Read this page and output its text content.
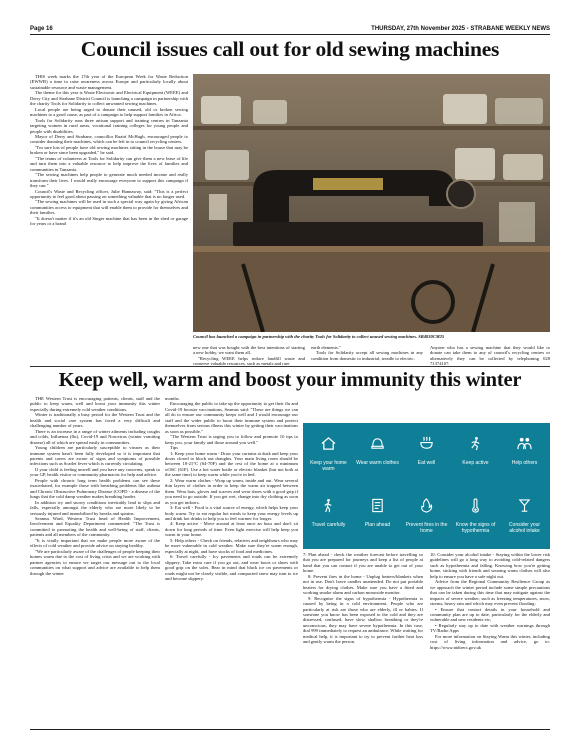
Page 16	THURSDAY, 27th November 2025 - STRABANE WEEKLY NEWS
Council issues call out for old sewing machines

THIS week marks the 17th year of the European Week for Waste Reduction (EWWR) a time to raise awareness across Europe and particularly locally about sustainable resource and waste management.

The theme for this year is Waste Electronic and Electrical Equipment (WEEE) and Derry City and Strabane District Council is launching a campaign in partnership with the charity Tools for Solidarity to collect unwanted sewing machines.

Local people are being urged to donate their unused, old or broken sewing machines to a good cause, as part of a campaign to help support families in Africa.

Tools for Solidarity runs three artisan support and training centres in Tanzania targeting women in rural areas, vocational training colleges for young people and people with disabilities.

Mayor of Derry and Strabane, councillor Ruairí McHugh, encouraged people to consider donating their machines, which can be left in to council recycling centres.

"I'm sure lots of people have old sewing machines sitting in the house that may be broken or have since been upgraded," he said.

"The teams of volunteers at Tools for Solidarity can give them a new lease of life and turn them into a valuable resource to help improve the lives of families and communities in Tanzania.

"The sewing machines help people to generate much needed income and really transform their lives. I would really encourage everyone to support this campaign if they can."

Council's Waste and Recycling officer, Julie Hannaway, said: "This is a perfect opportunity to feel good about passing on something valuable that is no longer used.

"The sewing machines will be used in such a special way again by giving African communities access to equipment that will enable them to provide for themselves and their families.

"It doesn't matter if it's an old Singer machine that has been in the shed or garage for years or a brand

Council has launched a campaign in partnership with the charity Tools for Solidarity to collect unused sewing machines. SR4830CM25

new one that was bought with the best intentions of starting a new hobby, we want them all.

"Recycling WEEE helps reduce landfill waste and conserve valuable resources, such as metals and rare

earth elements."

Tools for Solidarity accept all sewing machines in any condition from domestic to industrial, treadle to electric.

Anyone who has a sewing machine that they would like to donate can take them to any of council's recycling centres or alternatively they can be collected by telephoning 028 71374107.

Keep well, warm and boost your immunity this winter

THE Western Trust is encouraging patients, clients, staff and the public to keep warm, well and boost your immunity this winter especially during extremely cold weather conditions.

Winter is traditionally a busy period for the Western Trust and the health and social care system has faced a very difficult and challenging number of years.

There is an increase in a range of winter ailments including coughs and colds, Influenza (flu), Covid-19 and Norovirus (winter vomiting disease) all of which are spread easily in communities.

Young children are particularly susceptible to viruses as their immune system hasn't been fully developed so it is important that parents and carers are aware of signs and symptoms of possible infections such as Scarlet fever which is currently circulating.

If your child is feeling unwell and you have any concerns, speak to your GP, health visitor or community pharmacist for help and advice.

People with chronic long term health problems can see these exacerbated, for example those with breathing problems like asthma and Chronic Obstructive Pulmonary Disease (COPD - a disease of the lungs that the cold damp weather makes breathing harder.

In addition icy and snowy conditions inevitably lead to slips and falls, especially amongst the elderly who are more likely to be seriously injured and immobilised by breaks and sprains.

Seamus Ward, Western Trust head of Health Improvement, Involvement and Equality Department commented: "The Trust is committed to promoting the health and well-being of staff, clients, patients and all members of the community.

"It is vitally important that we make people more aware of the effects of cold weather and provide advice on staying healthy.

"We are particularly aware of the challenges of people keeping their homes warm due to the cost of living crisis and we are working with partner agencies to ensure we target our message out to the local communities on what support and advice are available to help them through the winter

months.

Encouraging the public to take up the opportunity to get their flu and Covid-19 booster vaccinations, Seamus said: "These are things we can all do to ensure our community keeps well and I would encourage our staff and the wider public to boost their immune system and protect themselves from serious illness this winter by getting their vaccinations as soon as possible."

"The Western Trust is urging you to follow and promote 10 tips to keep you, your family and those around you well."

Tips

1: Keep your home warm - Draw your curtains at dusk and keep your doors closed to block out draughts. Your main living room should be between 18-21°C (64-70F) and the rest of the home at a minimum of16C (61F). Use a hot water bottle or electric blanket (but not both at the same time) to keep warm while you're in bed.

2: Wear warm clothes - Wrap up warm, inside and out. Wear several thin layers of clothes in order to keep the warm air trapped between them. Wear hats, gloves and scarves and wear shoes with a good grip if you need to go outside. If you get wet, change into dry clothing as soon as you get indoors.

3: Eat well - Food is a vital source of energy, which helps keep your body warm. Try to eat regular hot meals to keep your energy levels up and drink hot drinks to help you to feel warmer for longer.

4: Keep active - Move around at least once an hour and don't sit down for long periods of time. Even light exercise will help keep you warm in your home.

5: Help others - Check on friends, relatives and neighbours who may be more vulnerable in cold weather. Make sure they're warm enough, especially at night, and have stocks of food and medicines.

6: Travel carefully - Icy pavements and roads can be extremely slippery. Take extra care if you go out, and wear boots or shoes with good grip on the soles. Bear in mind that black ice on pavements or roads might not be clearly visible, and compacted snow may turn to ice and become slippery.

Keep your home warm
Wear warm clothes	Eat well	Keep active	Help others
Travel carefully	Plan ahead	Prevent fires in the home
Know the signs of hypothermia
Consider your alcohol intake

7: Plan ahead - check the weather forecast before travelling so that you are prepared for journeys and keep a list of people at hand that you can contact if you are unable to get out of your home.

8: Prevent fires in the home - Unplug heaters/blankets when not in use. Don't leave candles unattended. Do not put portable heaters for drying clothes. Make sure you have a fitted and working smoke alarm and carbon monoxide monitor.

9: Recognise the signs of hypothermia - Hypothermia is caused by being in a cold environment. People who are particularly at risk are those who are elderly, ill or babies. If someone you know has been exposed to the cold and they are distressed, confused, have slow, shallow breathing or they're unconscious, they may have severe hypothermia. In this case, dial 999 immediately to request an ambulance. While waiting for medical help, it is important to try to prevent further heat loss and gently warm the person.

10: Consider your alcohol intake - Staying within the lower risk guidelines will go a long way to avoiding cold-related dangers such as hypothermia and falling. Knowing how you're getting home, sticking with friends and wearing warm clothes will also help to ensure you have a safe night out.

Advice from the Regional Community Resilience Group as we approach the winter period include some simple precautions that can be taken during this time that may mitigate against the impacts of severe weather, such as freezing temperatures, snow, storms, heavy rain and which may even prevent flooding:

• Ensure that contact details in your household and community plan are up to date, particularly for the elderly and vulnerable and new residents etc;

• Regularly stay up to date with weather warnings through TV/Radio Apps

For more information on Staying Warm this winter, including cost of living information and advice, go to: https://www.nidirect.gov.uk
